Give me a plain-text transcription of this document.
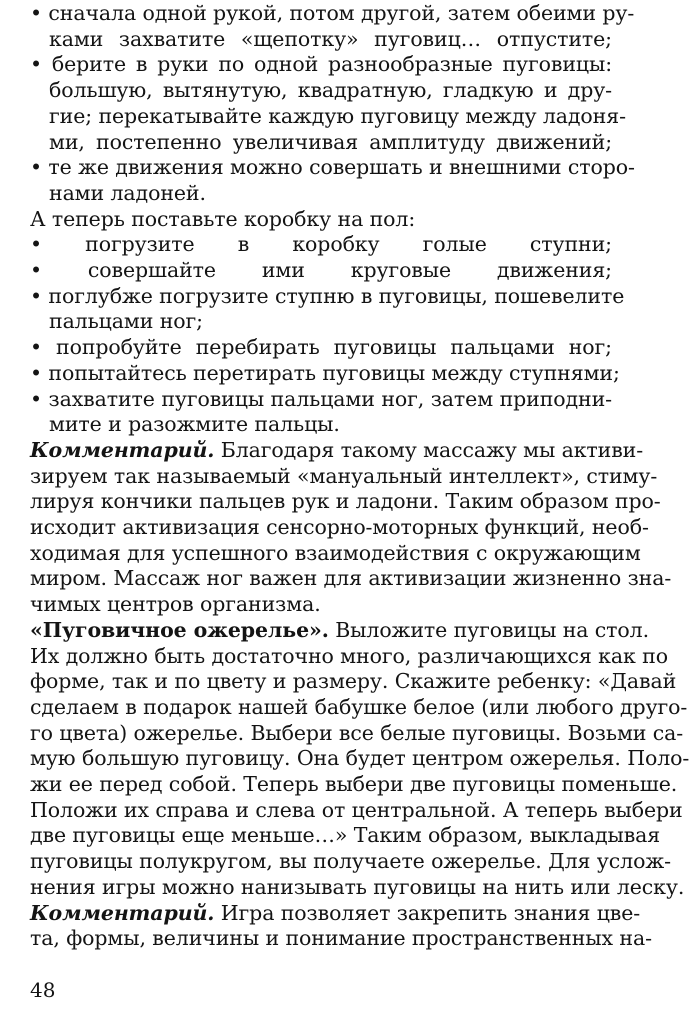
• сначала одной рукой, потом другой, затем обеими ру-
ками захватите «щепотку» пуговиц… отпустите;
• берите в руки по одной разнообразные пуговицы:
большую, вытянутую, квадратную, гладкую и дру-
гие; перекатывайте каждую пуговицу между ладоня-
ми, постепенно увеличивая амплитуду движений;
• те же движения можно совершать и внешними сторо-
нами ладоней.
А теперь поставьте коробку на пол:
• погрузите в коробку голые ступни;
• совершайте ими круговые движения;
• поглубже погрузите ступню в пуговицы, пошевелите
пальцами ног;
• попробуйте перебирать пуговицы пальцами ног;
• попытайтесь перетирать пуговицы между ступнями;
• захватите пуговицы пальцами ног, затем приподни-
мите и разожмите пальцы.
Комментарий. Благодаря такому массажу мы активи-
зируем так называемый «мануальный интеллект», стиму-
лируя кончики пальцев рук и ладони. Таким образом про-
исходит активизация сенсорно-моторных функций, необ-
ходимая для успешного взаимодействия с окружающим
миром. Массаж ног важен для активизации жизненно зна-
чимых центров организма.
«Пуговичное ожерелье». Выложите пуговицы на стол.
Их должно быть достаточно много, различающихся как по
форме, так и по цвету и размеру. Скажите ребенку: «Давай
сделаем в подарок нашей бабушке белое (или любого друго-
го цвета) ожерелье. Выбери все белые пуговицы. Возьми са-
мую большую пуговицу. Она будет центром ожерелья. Поло-
жи ее перед собой. Теперь выбери две пуговицы поменьше.
Положи их справа и слева от центральной. А теперь выбери
две пуговицы еще меньше…» Таким образом, выкладывая
пуговицы полукругом, вы получаете ожерелье. Для услож-
нения игры можно нанизывать пуговицы на нить или леску.
Комментарий. Игра позволяет закрепить знания цве-
та, формы, величины и понимание пространственных на-
48
